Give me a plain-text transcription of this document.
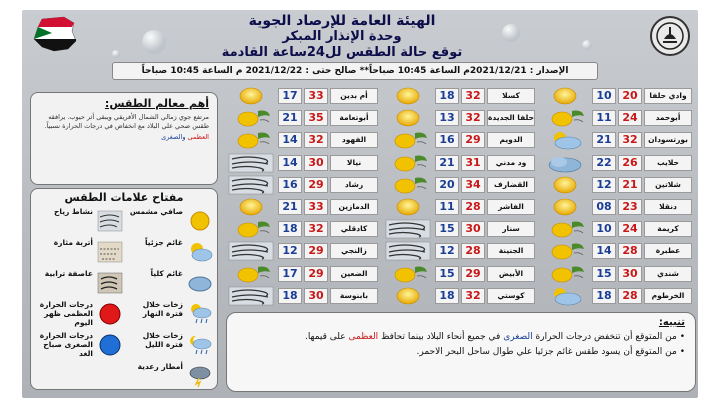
الهيئة العامة للإرصاد الجوية
وحدة الإنذار المبكر
توقع حالة الطقس لل24ساعة القادمة
الإصدار : 2021/12/21م الساعة 10:45 صباحاً** صالح حتى : 2021/12/22 م الساعة 10:45 صباحاً
10 20	وادي حلفا
11 24	أبوحمد
21 32	بورتسودان
22 26	حلايب
12 21	شلاتين
08 23	دنقلا
10 24	كريمة
14 28	عطبرة
15 30	شندي
18 28	الخرطوم
18 32	كسلا
13 32 حلفا الجديدة
16 29	الدويم
21 31	ود مدني
20 34	القضارف
11 28	الفاشر
15 30	سنار
12 28	الجنينة
15 29	الأبيض
18 32	كوستي
17 33	أم بدين
21 35	أبوتعامة
14 32	الفهود
14 30	نيالا
16 29	رشاد
21 33	الدمازين
18 32	كادقلي
12 29	زالنجي
17 29	الضعين
18 30	بابنوسة
أهم معالم الطقس:
مرتفع جوي زمالي الشمال الأفريقي ويبقى أثر حيوب. يرافقه طقس صحي علي البلاد مع انخفاض في درجات الحرارة نسبياً.
العظمى والصغرى
مفتاح علامات الطقس
صافي مشمس
نشاط رياح
غائم جزئياً
أتربة مثارة
غائم كلياً
عاصفة ترابية
زخات خلال فترة النهار
درجات الحرارة العظمى ظهر اليوم
زخات خلال فترة الليل
درجات الحرارة الصغرى صباح الغد
أمطار رعدية
تنبيه:
• من المتوقع أن تنخفض درجات الحرارة الصغرى في جميع أنحاء البلاد بينما تحافظ العظمى على قيمها.
• من المتوقع أن يسود طقس غائم جزئيا علي طوال ساحل البحر الاحمر.
